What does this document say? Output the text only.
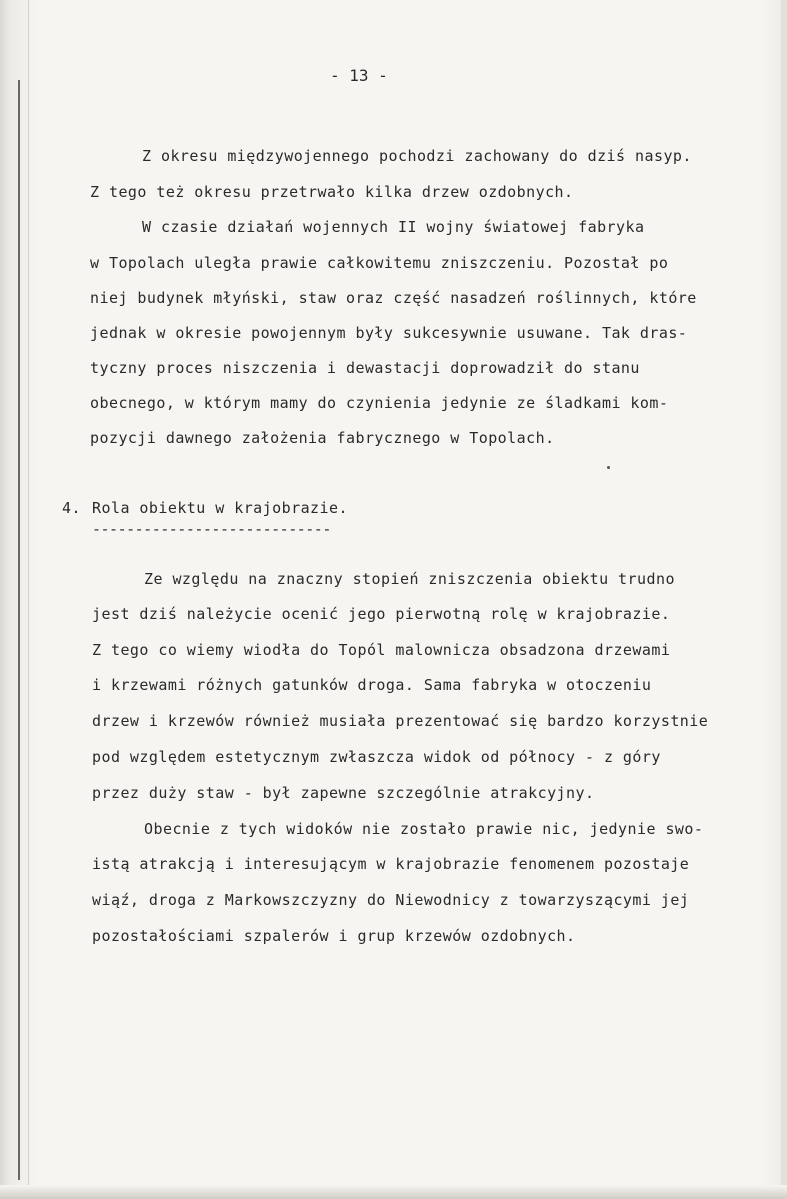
- 13 -
Z okresu międzywojennego pochodzi zachowany do dziś nasyp.
Z tego też okresu przetrwało kilka drzew ozdobnych.
W czasie działań wojennych II wojny światowej fabryka
w Topolach uległa prawie całkowitemu zniszczeniu. Pozostał po
niej budynek młyński, staw oraz część nasadzeń roślinnych, które
jednak w okresie powojennym były sukcesywnie usuwane. Tak dras-
tyczny proces niszczenia i dewastacji doprowadził do stanu
obecnego, w którym mamy do czynienia jedynie ze śladkami kom-
pozycji dawnego założenia fabrycznego w Topolach.
4. Rola obiektu w krajobrazie.
----------------------------
Ze względu na znaczny stopień zniszczenia obiektu trudno
jest dziś należycie ocenić jego pierwotną rolę w krajobrazie.
Z tego co wiemy wiodła do Topól malownicza obsadzona drzewami
i krzewami różnych gatunków droga. Sama fabryka w otoczeniu
drzew i krzewów również musiała prezentować się bardzo korzystnie
pod względem estetycznym zwłaszcza widok od północy - z góry
przez duży staw - był zapewne szczególnie atrakcyjny.
Obecnie z tych widoków nie zostało prawie nic, jedynie swo-
istą atrakcją i interesującym w krajobrazie fenomenem pozostaje
wiąź, droga z Markowszczyzny do Niewodnicy z towarzyszącymi jej
pozostałościami szpalerów i grup krzewów ozdobnych.
